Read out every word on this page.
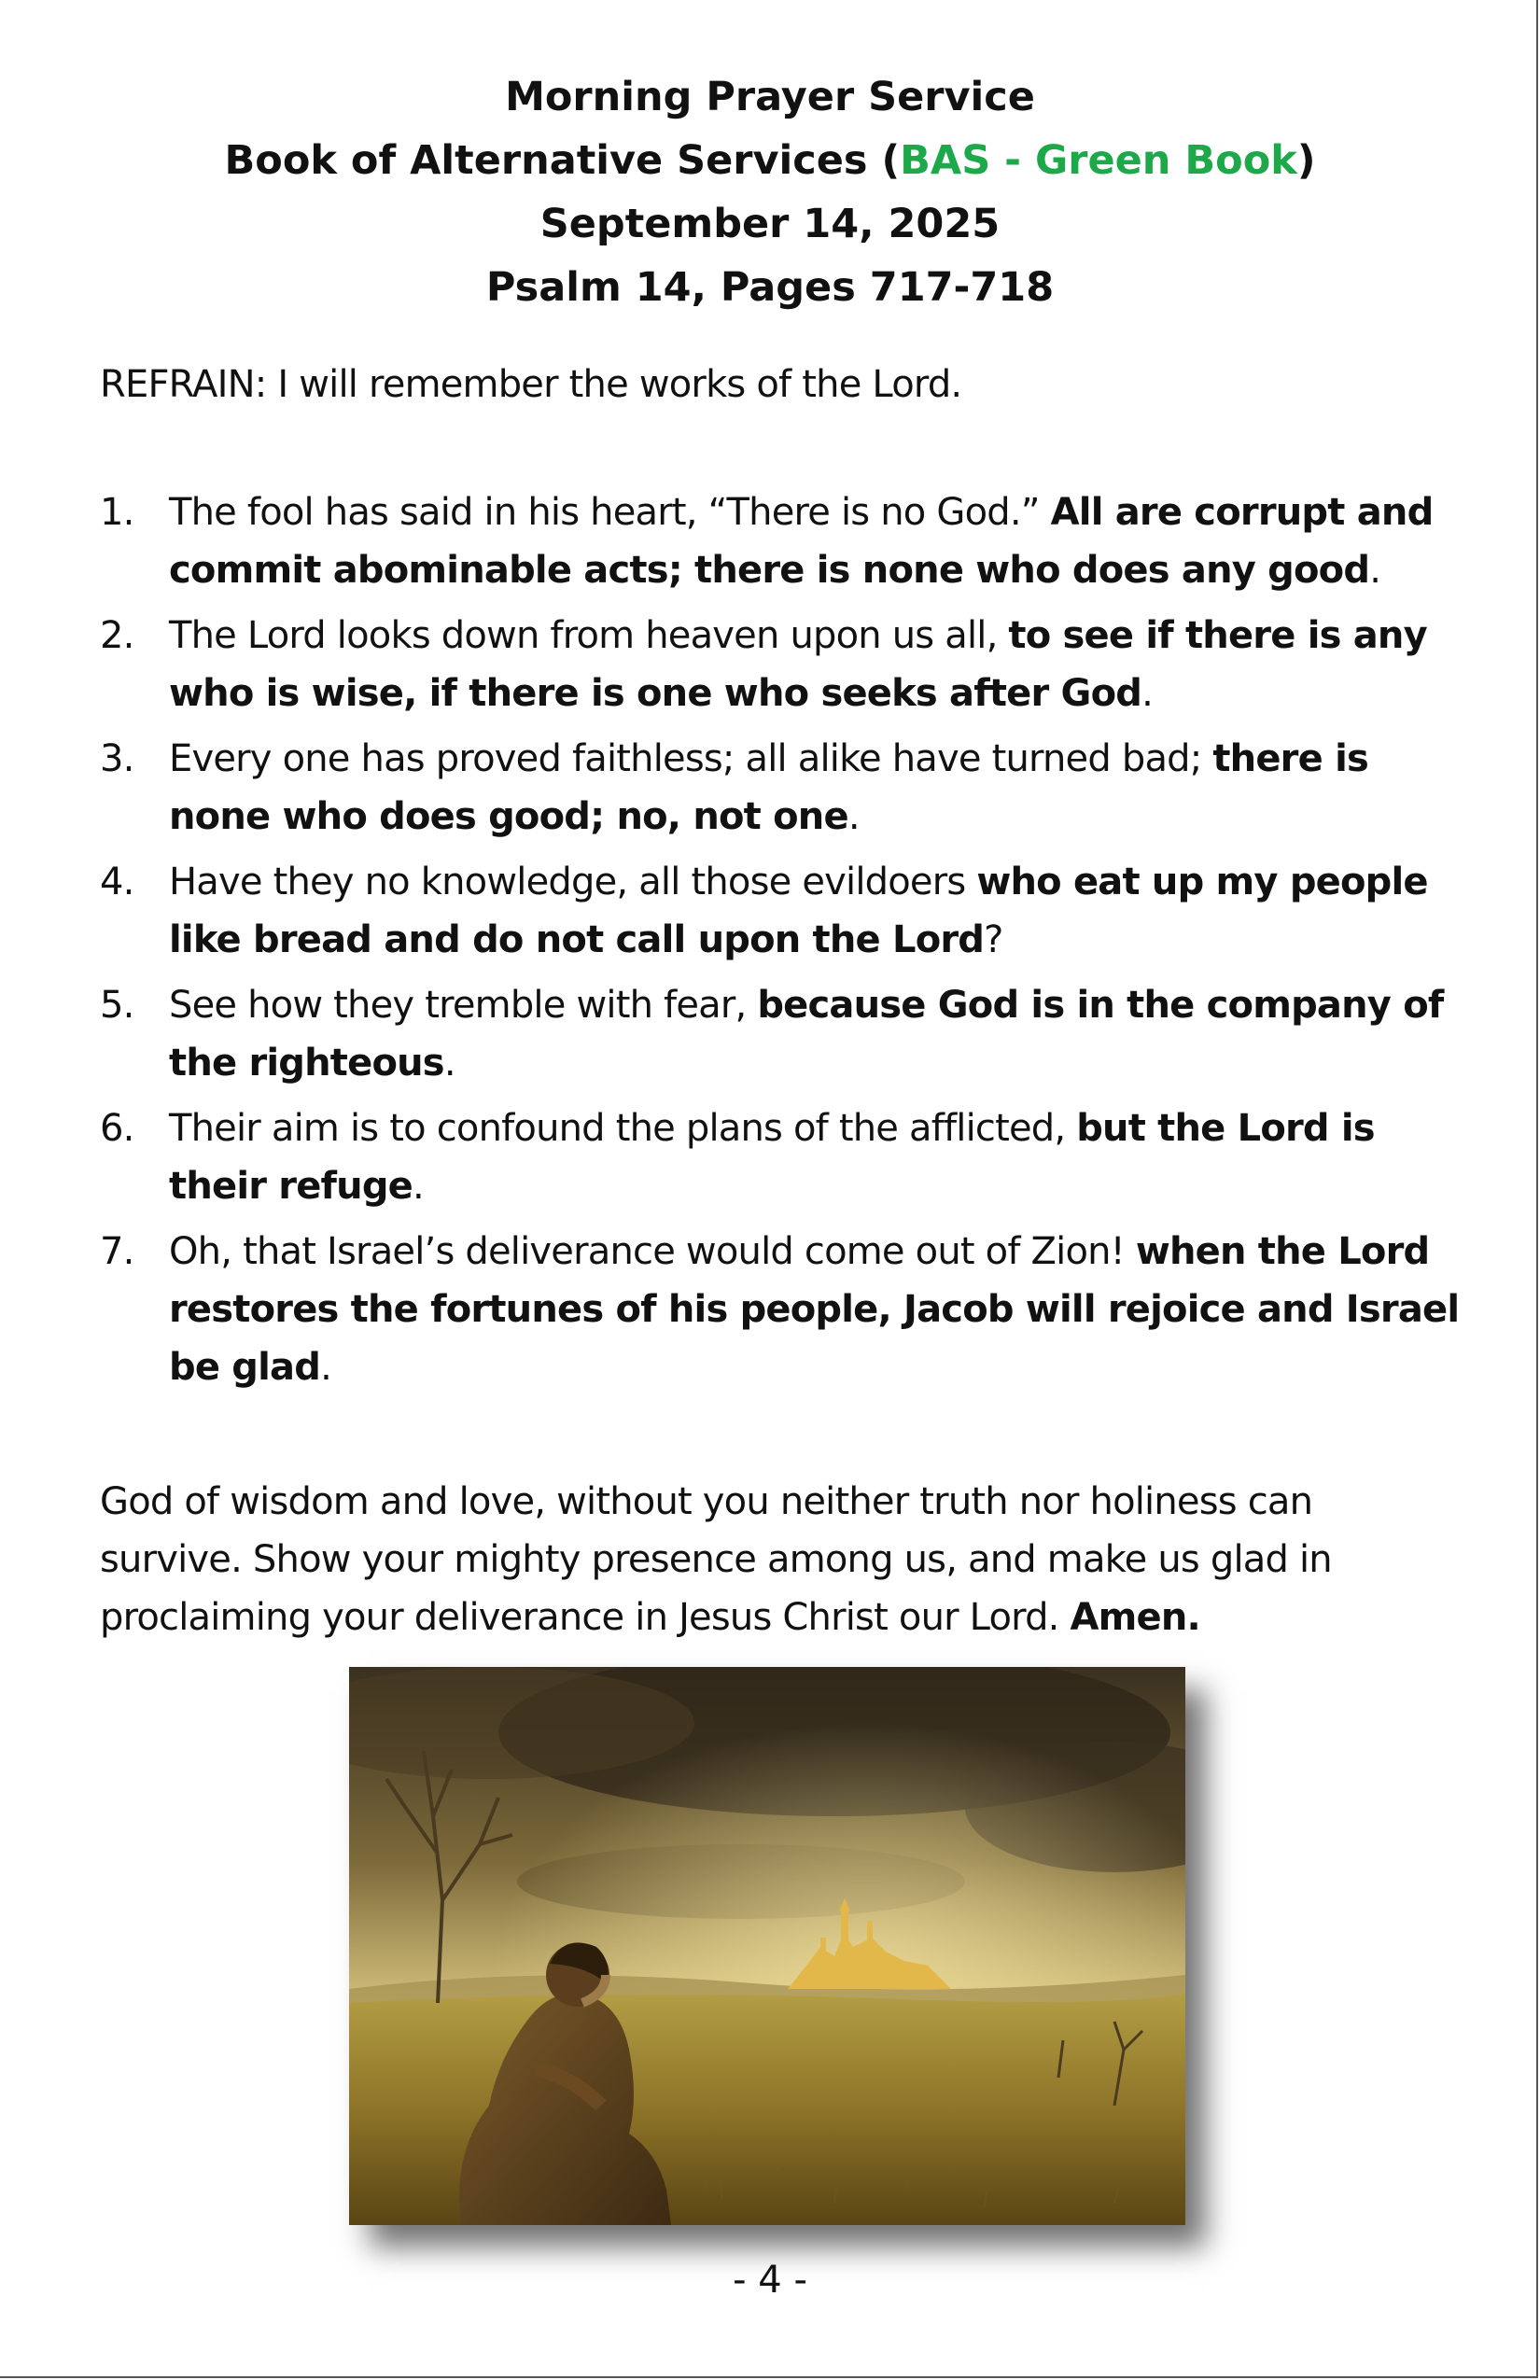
Morning Prayer Service
Book of Alternative Services (BAS - Green Book)
September 14, 2025
Psalm 14, Pages 717-718
REFRAIN: I will remember the works of the Lord.
1. The fool has said in his heart, “There is no God.” All are corrupt and commit abominable acts; there is none who does any good.
2. The Lord looks down from heaven upon us all, to see if there is any who is wise, if there is one who seeks after God.
3. Every one has proved faithless; all alike have turned bad; there is none who does good; no, not one.
4. Have they no knowledge, all those evildoers who eat up my people like bread and do not call upon the Lord?
5. See how they tremble with fear, because God is in the company of the righteous.
6. Their aim is to confound the plans of the afflicted, but the Lord is their refuge.
7. Oh, that Israel’s deliverance would come out of Zion! when the Lord restores the fortunes of his people, Jacob will rejoice and Israel be glad.
God of wisdom and love, without you neither truth nor holiness can survive. Show your mighty presence among us, and make us glad in proclaiming your deliverance in Jesus Christ our Lord. Amen.
- 4 -
